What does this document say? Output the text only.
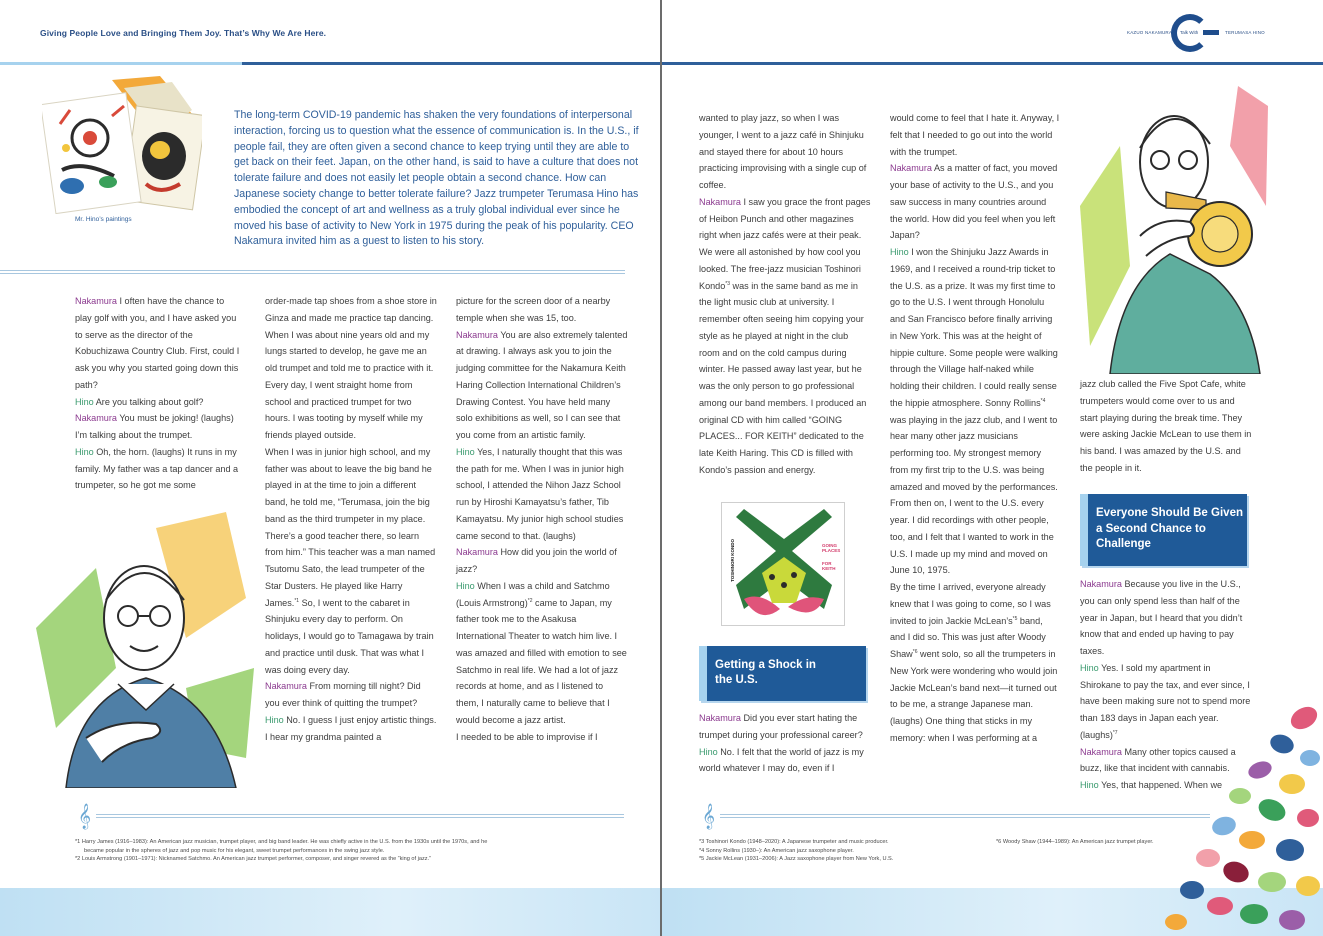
Giving People Love and Bringing Them Joy. That’s Why We Are Here.
Mr. Hino’s paintings
The long-term COVID-19 pandemic has shaken the very foundations of interpersonal interaction, forcing us to question what the essence of communication is. In the U.S., if people fail, they are often given a second chance to keep trying until they are able to get back on their feet. Japan, on the other hand, is said to have a culture that does not tolerate failure and does not easily let people obtain a second chance. How can Japanese society change to better tolerate failure? Jazz trumpeter Terumasa Hino has embodied the concept of art and wellness as a truly global individual ever since he moved his base of activity to New York in 1975 during the peak of his popularity. CEO Nakamura invited him as a guest to listen to his story.

Nakamura I often have the chance to play golf with you, and I have asked you to serve as the director of the Kobuchizawa Country Club. First, could I ask you why you started going down this path?

Hino Are you talking about golf?

Nakamura You must be joking! (laughs) I’m talking about the trumpet.

Hino Oh, the horn. (laughs) It runs in my family. My father was a tap dancer and a trumpeter, so he got me some

order-made tap shoes from a shoe store in Ginza and made me practice tap dancing. When I was about nine years old and my lungs started to develop, he gave me an old trumpet and told me to practice with it. Every day, I went straight home from school and practiced trumpet for two hours. I was tooting by myself while my friends played outside.

When I was in junior high school, and my father was about to leave the big band he played in at the time to join a different band, he told me, “Terumasa, join the big band as the third trumpeter in my place. There’s a good teacher there, so learn from him.” This teacher was a man named Tsutomu Sato, the lead trumpeter of the Star Dusters. He played like Harry James.$^{*1}$ So, I went to the cabaret in Shinjuku every day to perform. On holidays, I would go to Tamagawa by train and practice until dusk. That was what I was doing every day.

Nakamura From morning till night? Did you ever think of quitting the trumpet?

Hino No. I guess I just enjoy artistic things. I hear my grandma painted a

picture for the screen door of a nearby temple when she was 15, too.

Nakamura You are also extremely talented at drawing. I always ask you to join the judging committee for the Nakamura Keith Haring Collection International Children’s Drawing Contest. You have held many solo exhibitions as well, so I can see that you come from an artistic family.

Hino Yes, I naturally thought that this was the path for me. When I was in junior high school, I attended the Nihon Jazz School run by Hiroshi Kamayatsu’s father, Tib Kamayatsu. My junior high school studies came second to that. (laughs)

Nakamura How did you join the world of jazz?

Hino When I was a child and Satchmo (Louis Armstrong)$^{*2}$ came to Japan, my father took me to the Asakusa International Theater to watch him live. I was amazed and filled with emotion to see Satchmo in real life. We had a lot of jazz records at home, and as I listened to them, I naturally came to believe that I would become a jazz artist.

I needed to be able to improvise if I

𝄞
*1 Harry James (1916–1983): An American jazz musician, trumpet player, and big band leader. He was chiefly active in the U.S. from the 1930s until the 1970s, and he
became popular in the spheres of jazz and pop music for his elegant, sweet trumpet performances in the swing jazz style.
*2 Louis Armstrong (1901–1971): Nicknamed Satchmo. An American jazz trumpet performer, composer, and singer revered as the “king of jazz.”
KAZUO NAKAMURA Talk With	TERUMASA HINO

wanted to play jazz, so when I was younger, I went to a jazz café in Shinjuku and stayed there for about 10 hours practicing improvising with a single cup of coffee.

Nakamura I saw you grace the front pages of Heibon Punch and other magazines right when jazz cafés were at their peak. We were all astonished by how cool you looked. The free-jazz musician Toshinori Kondo$^{*3}$ was in the same band as me in the light music club at university. I remember often seeing him copying your style as he played at night in the club room and on the cold campus during winter. He passed away last year, but he was the only person to go professional among our band members. I produced an original CD with him called “GOING PLACES... FOR KEITH” dedicated to the late Keith Haring. This CD is filled with Kondo’s passion and energy.

TOSHINORI KONDO	GOING PLACES
FOR KEITH
Getting a Shock in
the U.S.

Nakamura Did you ever start hating the trumpet during your professional career?

Hino No. I felt that the world of jazz is my world whatever I may do, even if I

would come to feel that I hate it. Anyway, I felt that I needed to go out into the world with the trumpet.

Nakamura As a matter of fact, you moved your base of activity to the U.S., and you saw success in many countries around the world. How did you feel when you left Japan?

Hino I won the Shinjuku Jazz Awards in 1969, and I received a round-trip ticket to the U.S. as a prize. It was my first time to go to the U.S. I went through Honolulu and San Francisco before finally arriving in New York. This was at the height of hippie culture. Some people were walking through the Village half-naked while holding their children. I could really sense the hippie atmosphere. Sonny Rollins$^{*4}$ was playing in the jazz club, and I went to hear many other jazz musicians performing too. My strongest memory from my first trip to the U.S. was being amazed and moved by the performances.

From then on, I went to the U.S. every year. I did recordings with other people, too, and I felt that I wanted to work in the U.S. I made up my mind and moved on June 10, 1975.

By the time I arrived, everyone already knew that I was going to come, so I was invited to join Jackie $McLean’s^{*5}$ band, and I did so. This was just after Woody Shaw$^{*6}$ went solo, so all the trumpeters in New York were wondering who would join Jackie McLean’s band next—it turned out to be me, a strange Japanese man. (laughs) One thing that sticks in my memory: when I was performing at a

jazz club called the Five Spot Cafe, white trumpeters would come over to us and start playing during the break time. They were asking Jackie McLean to use them in his band. I was amazed by the U.S. and the people in it.

Everyone Should Be Given
a Second Chance to
Challenge

Nakamura Because you live in the U.S., you can only spend less than half of the year in Japan, but I heard that you didn’t know that and ended up having to pay taxes.

Hino Yes. I sold my apartment in Shirokane to pay the tax, and ever since, I have been making sure not to spend more than 183 days in Japan each year. (laughs)$^{*7}$

Nakamura Many other topics caused a buzz, like that incident with cannabis.

Hino Yes, that happened. When we

𝄞
*3 Toshinori Kondo (1948–2020): A Japanese trumpeter and music producer.
*4 Sonny Rollins (1930–): An American jazz saxophone player.
*5 Jackie McLean (1931–2006): A Jazz saxophone player from New York, U.S.
*6 Woody Shaw (1944–1989): An American jazz trumpet player.
